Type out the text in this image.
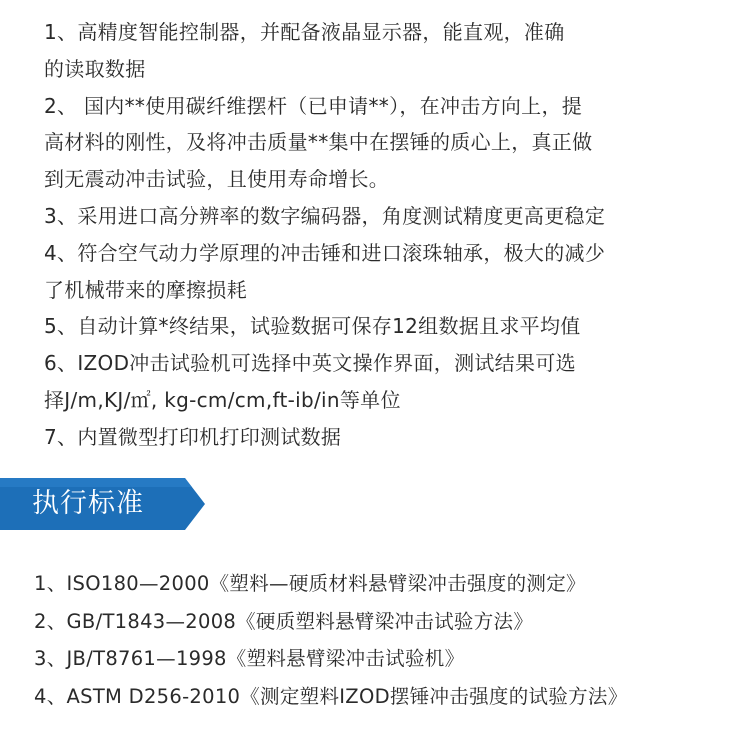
1、高精度智能控制器，并配备液晶显示器，能直观，准确
的读取数据
2、 国内**使用碳纤维摆杆（已申请**），在冲击方向上，提
高材料的刚性，及将冲击质量**集中在摆锤的质心上，真正做
到无震动冲击试验，且使用寿命增长。
3、采用进口高分辨率的数字编码器，角度测试精度更高更稳定
4、符合空气动力学原理的冲击锤和进口滚珠轴承，极大的减少
了机械带来的摩擦损耗
5、自动计算*终结果，试验数据可保存12组数据且求平均值
6、IZOD冲击试验机可选择中英文操作界面，测试结果可选
择J/m,KJ/㎡, kg-cm/cm,ft-ib/in等单位
7、内置微型打印机打印测试数据
执行标准
1、ISO180—2000《塑料—硬质材料悬臂梁冲击强度的测定》
2、GB/T1843—2008《硬质塑料悬臂梁冲击试验方法》
3、JB/T8761—1998《塑料悬臂梁冲击试验机》
4、ASTM D256-2010《测定塑料IZOD摆锤冲击强度的试验方法》
